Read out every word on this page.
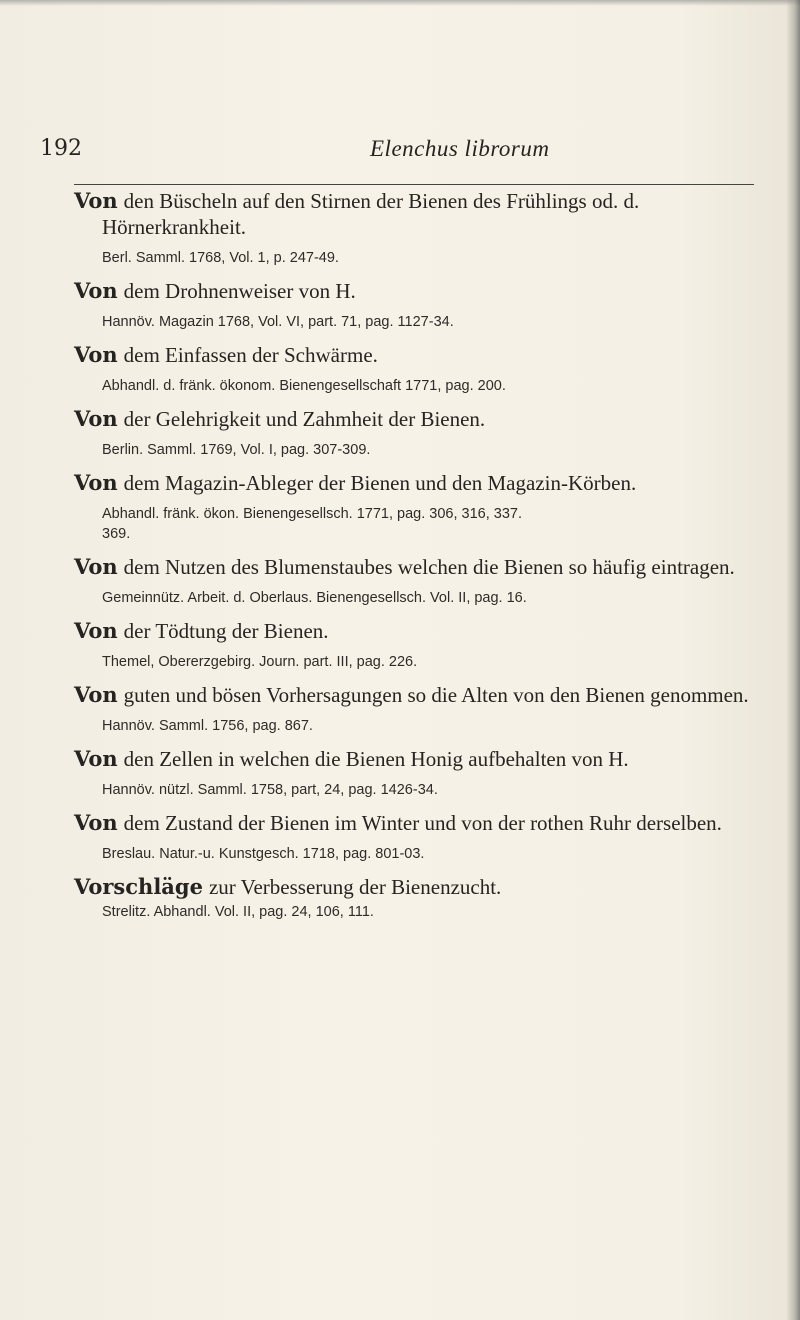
192	Elenchus librorum
Von den Büscheln auf den Stirnen der Bienen des Frühlings od. d. Hörnerkrankheit.
Berl. Samml. 1768, Vol. 1, p. 247-49.
Von dem Drohnenweiser von H.
Hannöv. Magazin 1768, Vol. VI, part. 71, pag. 1127-34.
Von dem Einfassen der Schwärme.
Abhandl. d. fränk. ökonom. Bienengesellschaft 1771, pag. 200.
Von der Gelehrigkeit und Zahmheit der Bienen.
Berlin. Samml. 1769, Vol. I, pag. 307-309.
Von dem Magazin-Ableger der Bienen und den Magazin-Körben.
Abhandl. fränk. ökon. Bienengesellsch. 1771, pag. 306, 316, 337.
369.
Von dem Nutzen des Blumenstaubes welchen die Bienen so häufig eintragen.
Gemeinnütz. Arbeit. d. Oberlaus. Bienengesellsch. Vol. II, pag. 16.
Von der Tödtung der Bienen.
Themel, Obererzgebirg. Journ. part. III, pag. 226.
Von guten und bösen Vorhersagungen so die Alten von den Bienen genommen.
Hannöv. Samml. 1756, pag. 867.
Von den Zellen in welchen die Bienen Honig aufbehalten von H.
Hannöv. nützl. Samml. 1758, part, 24, pag. 1426-34.
Von dem Zustand der Bienen im Winter und von der rothen Ruhr derselben.
Breslau. Natur.-u. Kunstgesch. 1718, pag. 801-03.
Vorschläge zur Verbesserung der Bienenzucht.
Strelitz. Abhandl. Vol. II, pag. 24, 106, 111.
